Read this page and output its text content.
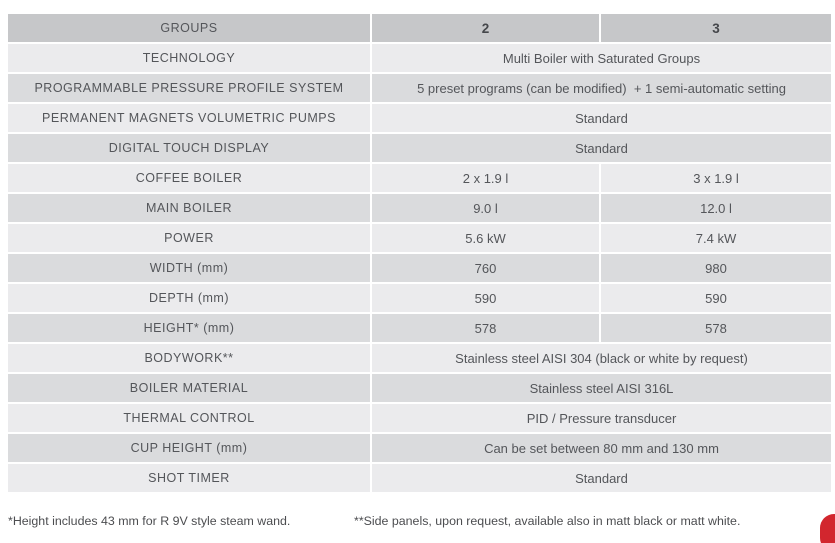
GROUPS	2	3
TECHNOLOGY	Multi Boiler with Saturated Groups	
PROGRAMMABLE PRESSURE PROFILE SYSTEM	5 preset programs (can be modified)  + 1 semi-automatic setting	
PERMANENT MAGNETS VOLUMETRIC PUMPS	Standard	
DIGITAL TOUCH DISPLAY	Standard	
COFFEE BOILER	2 x 1.9 l	3 x 1.9 l
MAIN BOILER	9.0 l	12.0 l
POWER	5.6 kW	7.4 kW
WIDTH (mm)	760	980
DEPTH (mm)	590	590
HEIGHT* (mm)	578	578
BODYWORK**	Stainless steel AISI 304 (black or white by request)	
BOILER MATERIAL	Stainless steel AISI 316L	
THERMAL CONTROL	PID / Pressure transducer	
CUP HEIGHT (mm)	Can be set between 80 mm and 130 mm	
SHOT TIMER	Standard	
*Height includes 43 mm for R 9V style steam wand.	**Side panels, upon request, available also in matt black or matt white.
